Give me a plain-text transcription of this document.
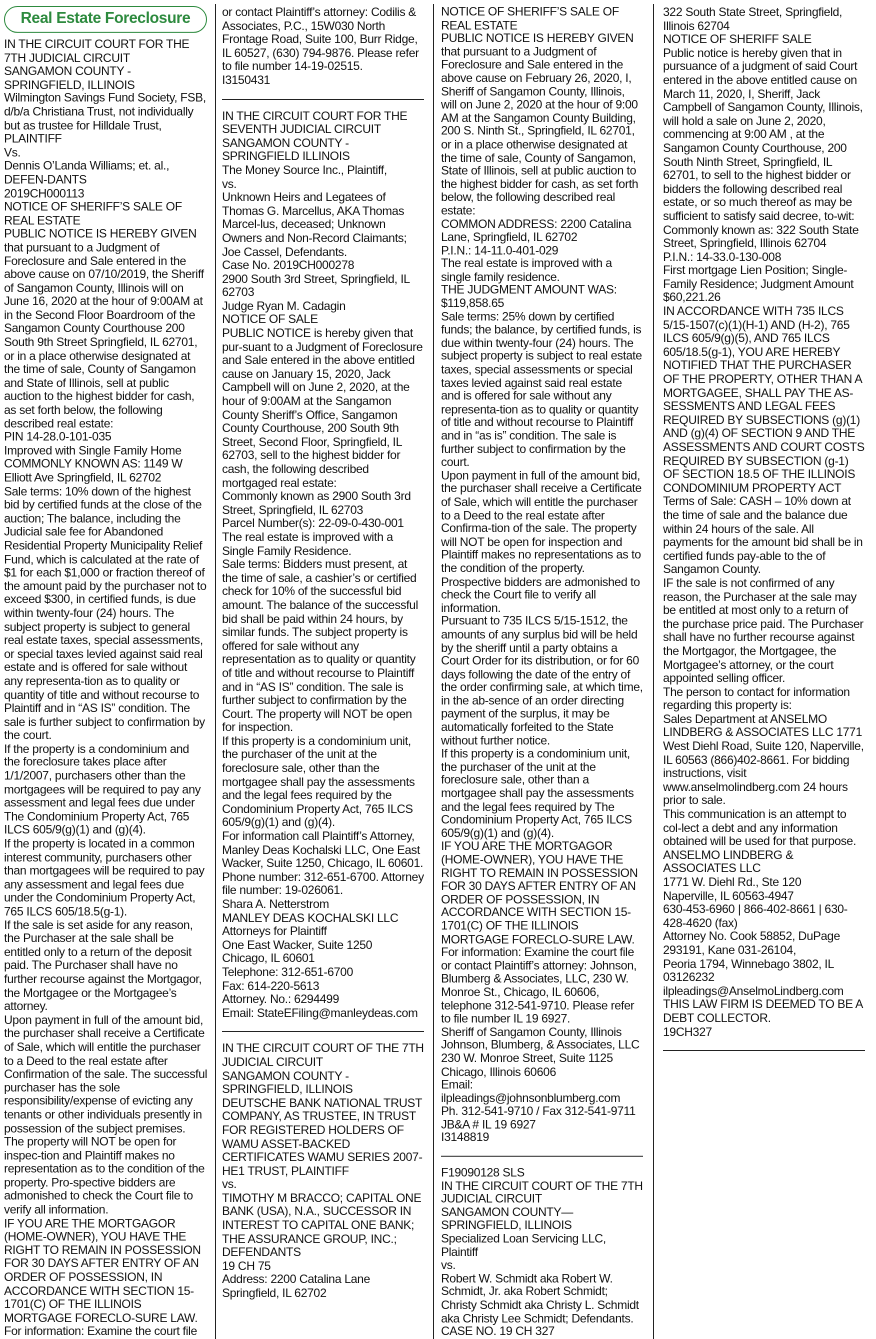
Real Estate Foreclosure

IN THE CIRCUIT COURT FOR THE 7TH JUDICIAL CIRCUIT
SANGAMON COUNTY - SPRINGFIELD, ILLINOIS
Wilmington Savings Fund Society, FSB, d/b/a Christiana Trust, not individually but as trustee for Hilldale Trust, PLAINTIFF
Vs.
Dennis O’Landa Williams; et. al., DEFEN-DANTS
2019CH000113
NOTICE OF SHERIFF’S SALE OF REAL ESTATE
PUBLIC NOTICE IS HEREBY GIVEN that pursuant to a Judgment of Foreclosure and Sale entered in the above cause on 07/10/2019, the Sheriff of Sangamon County, Illinois will on June 16, 2020 at the hour of 9:00AM at in the Second Floor Boardroom of the Sangamon County Courthouse 200 South 9th Street Springfield, IL 62701, or in a place otherwise designated at the time of sale, County of Sangamon and State of Illinois, sell at public auction to the highest bidder for cash, as set forth below, the following described real estate:
PIN 14-28.0-101-035
Improved with Single Family Home
COMMONLY KNOWN AS: 1149 W Elliott Ave Springfield, IL 62702
Sale terms: 10% down of the highest bid by certified funds at the close of the auction; The balance, including the Judicial sale fee for Abandoned Residential Property Municipality Relief Fund, which is calculated at the rate of $1 for each $1,000 or fraction thereof of the amount paid by the purchaser not to exceed $300, in certified funds, is due within twenty-four (24) hours. The subject property is subject to general real estate taxes, special assessments, or special taxes levied against said real estate and is offered for sale without any representa-tion as to quality or quantity of title and without recourse to Plaintiff and in “AS IS” condition. The sale is further subject to confirmation by the court.
If the property is a condominium and the foreclosure takes place after 1/1/2007, purchasers other than the mortgagees will be required to pay any assessment and legal fees due under The Condominium Property Act, 765 ILCS 605/9(g)(1) and (g)(4).
If the property is located in a common interest community, purchasers other than mortgagees will be required to pay any assessment and legal fees due under the Condominium Property Act, 765 ILCS 605/18.5(g-1).
If the sale is set aside for any reason, the Purchaser at the sale shall be entitled only to a return of the deposit paid. The Purchaser shall have no further recourse against the Mortgagor, the Mortgagee or the Mortgagee’s attorney.
Upon payment in full of the amount bid, the purchaser shall receive a Certificate of Sale, which will entitle the purchaser to a Deed to the real estate after Confirmation of the sale. The successful purchaser has the sole responsibility/expense of evicting any tenants or other individuals presently in possession of the subject premises. The property will NOT be open for inspec-tion and Plaintiff makes no representation as to the condition of the property. Pro-spective bidders are admonished to check the Court file to verify all information.
IF YOU ARE THE MORTGAGOR (HOME-OWNER), YOU HAVE THE RIGHT TO REMAIN IN POSSESSION FOR 30 DAYS AFTER ENTRY OF AN ORDER OF POSSESSION, IN ACCORDANCE WITH SECTION 15-1701(C) OF THE ILLINOIS MORTGAGE FORECLO-SURE LAW.
For information: Examine the court file

or contact Plaintiff’s attorney: Codilis & Associates, P.C., 15W030 North Frontage Road, Suite 100, Burr Ridge, IL 60527, (630) 794-9876. Please refer to file number 14-19-02515.
I3150431

IN THE CIRCUIT COURT FOR THE SEVENTH JUDICIAL CIRCUIT
SANGAMON COUNTY - SPRINGFIELD ILLINOIS
The Money Source Inc., Plaintiff,
vs.
Unknown Heirs and Legatees of Thomas G. Marcellus, AKA Thomas Marcel-lus, deceased; Unknown Owners and Non-Record Claimants; Joe Cassel, Defendants.
Case No. 2019CH000278
2900 South 3rd Street, Springfield, IL 62703
Judge Ryan M. Cadagin
NOTICE OF SALE
PUBLIC NOTICE is hereby given that pur-suant to a Judgment of Foreclosure and Sale entered in the above entitled cause on January 15, 2020, Jack Campbell will on June 2, 2020, at the hour of 9:00AM at the Sangamon County Sheriff’s Office, Sangamon County Courthouse, 200 South 9th Street, Second Floor, Springfield, IL 62703, sell to the highest bidder for cash, the following described mortgaged real estate:
Commonly known as 2900 South 3rd Street, Springfield, IL 62703
Parcel Number(s): 22-09-0-430-001
The real estate is improved with a Single Family Residence.
Sale terms: Bidders must present, at the time of sale, a cashier’s or certified check for 10% of the successful bid amount. The balance of the successful bid shall be paid within 24 hours, by similar funds. The subject property is offered for sale without any representation as to quality or quantity of title and without recourse to Plaintiff and in “AS IS” condition. The sale is further subject to confirmation by the Court. The property will NOT be open for inspection.
If this property is a condominium unit, the purchaser of the unit at the foreclosure sale, other than the mortgagee shall pay the assessments and the legal fees required by the Condominium Property Act, 765 ILCS 605/9(g)(1) and (g)(4).
For information call Plaintiff’s Attorney, Manley Deas Kochalski LLC, One East Wacker, Suite 1250, Chicago, IL 60601. Phone number: 312-651-6700. Attorney file number: 19-026061.
Shara A. Netterstrom
MANLEY DEAS KOCHALSKI LLC
Attorneys for Plaintiff
One East Wacker, Suite 1250
Chicago, IL 60601
Telephone: 312-651-6700
Fax: 614-220-5613
Attorney. No.: 6294499
Email: StateEFiling@manleydeas.com

IN THE CIRCUIT COURT OF THE 7TH JUDICIAL CIRCUIT
SANGAMON COUNTY - SPRINGFIELD, ILLINOIS
DEUTSCHE BANK NATIONAL TRUST COMPANY, AS TRUSTEE, IN TRUST FOR REGISTERED HOLDERS OF WAMU ASSET-BACKED CERTIFICATES WAMU SERIES 2007-HE1 TRUST, PLAINTIFF
vs.
TIMOTHY M BRACCO; CAPITAL ONE BANK (USA), N.A., SUCCESSOR IN INTEREST TO CAPITAL ONE BANK; THE ASSURANCE GROUP, INC.;
DEFENDANTS
19 CH 75
Address: 2200 Catalina Lane
Springfield, IL 62702

NOTICE OF SHERIFF’S SALE OF REAL ESTATE
PUBLIC NOTICE IS HEREBY GIVEN that pursuant to a Judgment of Foreclosure and Sale entered in the above cause on February 26, 2020, I, Sheriff of Sangamon County, Illinois, will on June 2, 2020 at the hour of 9:00 AM at the Sangamon County Building, 200 S. Ninth St., Springfield, IL 62701, or in a place otherwise designated at the time of sale, County of Sangamon, State of Illinois, sell at public auction to the highest bidder for cash, as set forth below, the following described real estate:
COMMON ADDRESS: 2200 Catalina Lane, Springfield, IL 62702
P.I.N.: 14-11.0-401-029
The real estate is improved with a single family residence.
THE JUDGMENT AMOUNT WAS: $119,858.65
Sale terms: 25% down by certified funds; the balance, by certified funds, is due within twenty-four (24) hours. The subject property is subject to real estate taxes, special assessments or special taxes levied against said real estate and is offered for sale without any representa-tion as to quality or quantity of title and without recourse to Plaintiff and in “as is” condition. The sale is further subject to confirmation by the court.
Upon payment in full of the amount bid, the purchaser shall receive a Certificate of Sale, which will entitle the purchaser to a Deed to the real estate after Confirma-tion of the sale. The property will NOT be open for inspection and Plaintiff makes no representations as to the condition of the property. Prospective bidders are admonished to check the Court file to verify all information.
Pursuant to 735 ILCS 5/15-1512, the amounts of any surplus bid will be held by the sheriff until a party obtains a Court Order for its distribution, or for 60 days following the date of the entry of the order confirming sale, at which time, in the ab-sence of an order directing payment of the surplus, it may be automatically forfeited to the State without further notice.
If this property is a condominium unit, the purchaser of the unit at the foreclosure sale, other than a mortgagee shall pay the assessments and the legal fees required by The Condominium Property Act, 765 ILCS 605/9(g)(1) and (g)(4).
IF YOU ARE THE MORTGAGOR (HOME-OWNER), YOU HAVE THE RIGHT TO REMAIN IN POSSESSION FOR 30 DAYS AFTER ENTRY OF AN ORDER OF POSSESSION, IN ACCORDANCE WITH SECTION 15-1701(C) OF THE ILLINOIS MORTGAGE FORECLO-SURE LAW.
For information: Examine the court file or contact Plaintiff’s attorney: Johnson, Blumberg & Associates, LLC, 230 W. Monroe St., Chicago, IL 60606, telephone 312-541-9710. Please refer to file number IL 19 6927.
Sheriff of Sangamon County, Illinois
Johnson, Blumberg, & Associates, LLC
230 W. Monroe Street, Suite 1125
Chicago, Illinois 60606
Email: ilpleadings@johnsonblumberg.com
Ph. 312-541-9710 / Fax 312-541-9711
JB&A # IL 19 6927
I3148819

F19090128 SLS
IN THE CIRCUIT COURT OF THE 7TH JUDICIAL CIRCUIT
SANGAMON COUNTY—SPRINGFIELD, ILLINOIS
Specialized Loan Servicing LLC, Plaintiff
vs.
Robert W. Schmidt aka Robert W. Schmidt, Jr. aka Robert Schmidt; Christy Schmidt aka Christy L. Schmidt aka Christy Lee Schmidt; Defendants.
CASE NO. 19 CH 327

322 South State Street, Springfield, Illinois 62704
NOTICE OF SHERIFF SALE
Public notice is hereby given that in pursuance of a judgment of said Court entered in the above entitled cause on March 11, 2020, I, Sheriff, Jack Campbell of Sangamon County, Illinois, will hold a sale on June 2, 2020, commencing at 9:00 AM , at the Sangamon County Courthouse, 200 South Ninth Street, Springfield, IL 62701, to sell to the highest bidder or bidders the following described real estate, or so much thereof as may be sufficient to satisfy said decree, to-wit:
Commonly known as: 322 South State Street, Springfield, Illinois 62704
P.I.N.: 14-33.0-130-008
First mortgage Lien Position; Single-Family Residence; Judgment Amount $60,221.26
IN ACCORDANCE WITH 735 ILCS 5/15-1507(c)(1)(H-1) AND (H-2), 765 ILCS 605/9(g)(5), AND 765 ILCS 605/18.5(g-1), YOU ARE HEREBY NOTIFIED THAT THE PURCHASER OF THE PROPERTY, OTHER THAN A MORTGAGEE, SHALL PAY THE AS-SESSMENTS AND LEGAL FEES REQUIRED BY SUBSECTIONS (g)(1) AND (g)(4) OF SECTION 9 AND THE ASSESSMENTS AND COURT COSTS REQUIRED BY SUBSECTION (g-1) OF SECTION 18.5 OF THE ILLINOIS CONDOMINIUM PROPERTY ACT
Terms of Sale: CASH – 10% down at the time of sale and the balance due within 24 hours of the sale. All payments for the amount bid shall be in certified funds pay-able to the of Sangamon County.
IF the sale is not confirmed of any reason, the Purchaser at the sale may be entitled at most only to a return of the purchase price paid. The Purchaser shall have no further recourse against the Mortgagor, the Mortgagee, the Mortgagee’s attorney, or the court appointed selling officer.
The person to contact for information regarding this property is:
Sales Department at ANSELMO LINDBERG & ASSOCIATES LLC 1771 West Diehl Road, Suite 120, Naperville, IL 60563 (866)402-8661. For bidding instructions, visit www.anselmolindberg.com 24 hours prior to sale.
This communication is an attempt to col-lect a debt and any information obtained will be used for that purpose.
ANSELMO LINDBERG & ASSOCIATES LLC
1771 W. Diehl Rd., Ste 120
Naperville, IL 60563-4947
630-453-6960 | 866-402-8661 | 630-428-4620 (fax)
Attorney No. Cook 58852, DuPage 293191, Kane 031-26104,
Peoria 1794, Winnebago 3802, IL 03126232
ilpleadings@AnselmoLindberg.com
THIS LAW FIRM IS DEEMED TO BE A DEBT COLLECTOR.
19CH327
